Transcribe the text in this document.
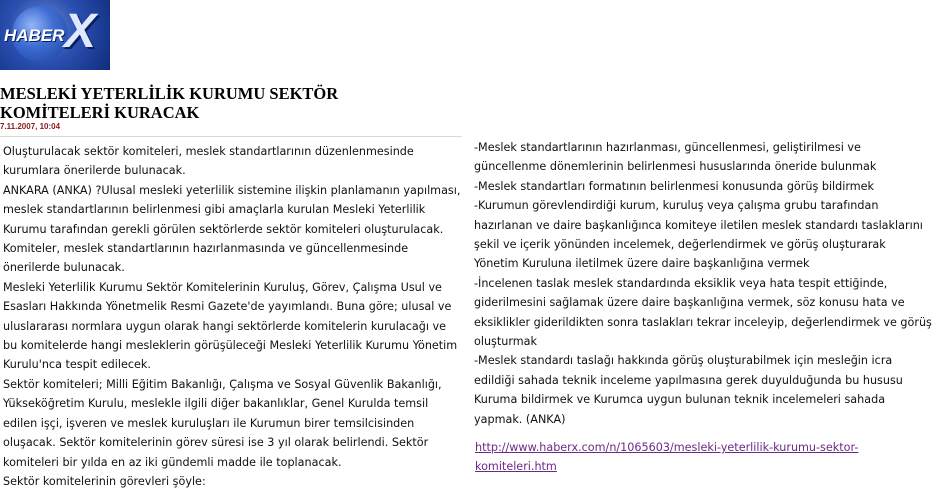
HABER X
MESLEKİ YETERLİLİK KURUMU SEKTÖR KOMİTELERİ KURACAK
7.11.2007, 10:04

Oluşturulacak sektör komiteleri, meslek standartlarının düzenlenmesinde kurumlara önerilerde bulunacak.

ANKARA (ANKA) ?Ulusal mesleki yeterlilik sistemine ilişkin planlamanın yapılması, meslek standartlarının belirlenmesi gibi amaçlarla kurulan Mesleki Yeterlilik Kurumu tarafından gerekli görülen sektörlerde sektör komiteleri oluşturulacak. Komiteler, meslek standartlarının hazırlanmasında ve güncellenmesinde önerilerde bulunacak.

Mesleki Yeterlilik Kurumu Sektör Komitelerinin Kuruluş, Görev, Çalışma Usul ve Esasları Hakkında Yönetmelik Resmi Gazete'de yayımlandı. Buna göre; ulusal ve uluslararası normlara uygun olarak hangi sektörlerde komitelerin kurulacağı ve bu komitelerde hangi mesleklerin görüşüleceği Mesleki Yeterlilik Kurumu Yönetim Kurulu'nca tespit edilecek.

Sektör komiteleri; Milli Eğitim Bakanlığı, Çalışma ve Sosyal Güvenlik Bakanlığı, Yükseköğretim Kurulu, meslekle ilgili diğer bakanlıklar, Genel Kurulda temsil edilen işçi, işveren ve meslek kuruluşları ile Kurumun birer temsilcisinden oluşacak. Sektör komitelerinin görev süresi ise 3 yıl olarak belirlendi. Sektör komiteleri bir yılda en az iki gündemli madde ile toplanacak.

Sektör komitelerinin görevleri şöyle:

-Meslek standartlarının hazırlanması, güncellenmesi, geliştirilmesi ve güncellenme dönemlerinin belirlenmesi hususlarında öneride bulunmak

-Meslek standartları formatının belirlenmesi konusunda görüş bildirmek

-Kurumun görevlendirdiği kurum, kuruluş veya çalışma grubu tarafından hazırlanan ve daire başkanlığınca komiteye iletilen meslek standardı taslaklarını şekil ve içerik yönünden incelemek, değerlendirmek ve görüş oluşturarak Yönetim Kuruluna iletilmek üzere daire başkanlığına vermek

-İncelenen taslak meslek standardında eksiklik veya hata tespit ettiğinde, giderilmesini sağlamak üzere daire başkanlığına vermek, söz konusu hata ve eksiklikler giderildikten sonra taslakları tekrar inceleyip, değerlendirmek ve görüş oluşturmak

-Meslek standardı taslağı hakkında görüş oluşturabilmek için mesleğin icra edildiği sahada teknik inceleme yapılmasına gerek duyulduğunda bu hususu Kuruma bildirmek ve Kurumca uygun bulunan teknik incelemeleri sahada yapmak. (ANKA)

http://www.haberx.com/n/1065603/mesleki-yeterlilik-kurumu-sektor-komiteleri.htm
